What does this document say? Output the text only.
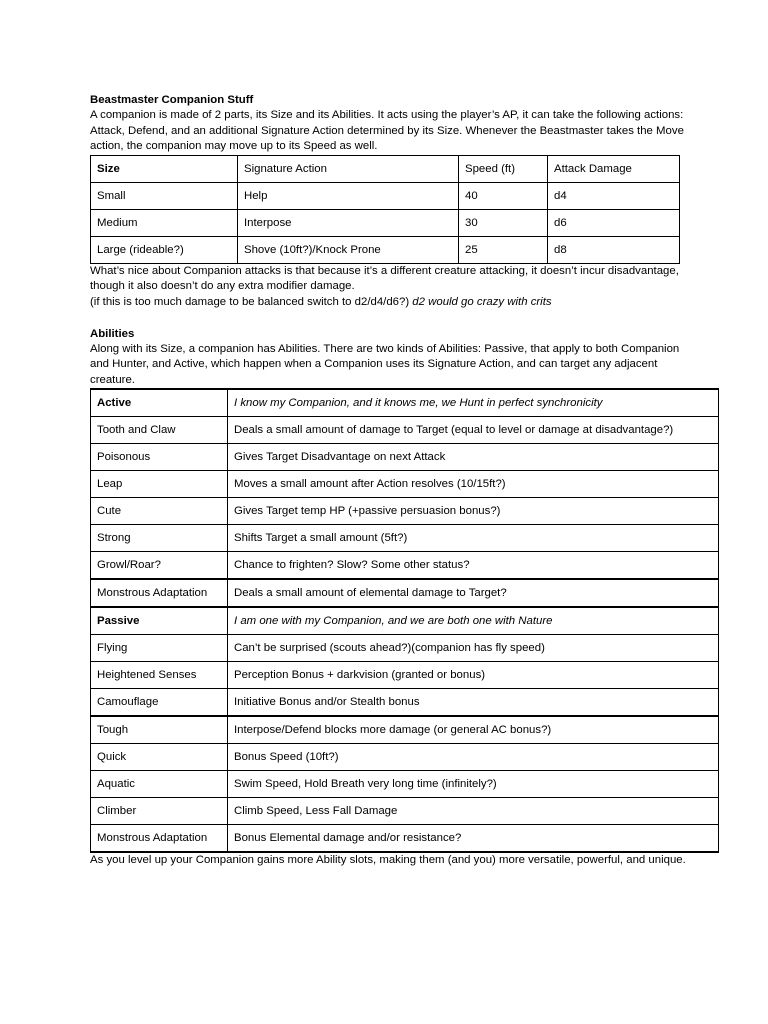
Beastmaster Companion Stuff

A companion is made of 2 parts, its Size and its Abilities. It acts using the player’s AP, it can take the following actions: Attack, Defend, and an additional Signature Action determined by its Size. Whenever the Beastmaster takes the Move action, the companion may move up to its Speed as well.

Size	Signature Action	Speed (ft)	Attack Damage
Small	Help	40	d4
Medium	Interpose	30	d6
Large (rideable?)	Shove (10ft?)/Knock Prone	25	d8

What’s nice about Companion attacks is that because it’s a different creature attacking, it doesn’t incur disadvantage, though it also doesn’t do any extra modifier damage.

(if this is too much damage to be balanced switch to d2/d4/d6?) d2 would go crazy with crits

Abilities

Along with its Size, a companion has Abilities. There are two kinds of Abilities: Passive, that apply to both Companion and Hunter, and Active, which happen when a Companion uses its Signature Action, and can target any adjacent creature.

Active	I know my Companion, and it knows me, we Hunt in perfect synchronicity
Tooth and Claw	Deals a small amount of damage to Target (equal to level or damage at disadvantage?)
Poisonous	Gives Target Disadvantage on next Attack
Leap	Moves a small amount after Action resolves (10/15ft?)
Cute	Gives Target temp HP (+passive persuasion bonus?)
Strong	Shifts Target a small amount (5ft?)
Growl/Roar?	Chance to frighten? Slow? Some other status?
Monstrous Adaptation	Deals a small amount of elemental damage to Target?
Passive	I am one with my Companion, and we are both one with Nature
Flying	Can’t be surprised (scouts ahead?)(companion has fly speed)
Heightened Senses	Perception Bonus + darkvision (granted or bonus)
Camouflage	Initiative Bonus and/or Stealth bonus
Tough	Interpose/Defend blocks more damage (or general AC bonus?)
Quick	Bonus Speed (10ft?)
Aquatic	Swim Speed, Hold Breath very long time (infinitely?)
Climber	Climb Speed, Less Fall Damage
Monstrous Adaptation	Bonus Elemental damage and/or resistance?

As you level up your Companion gains more Ability slots, making them (and you) more versatile, powerful, and unique.
